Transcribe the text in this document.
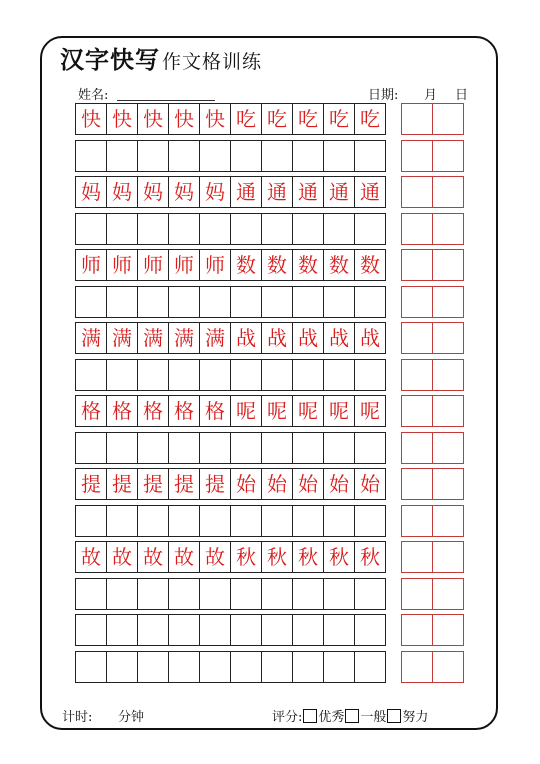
汉字快写 作文格训练
姓名:	日期: 月 日
快 快 快 快 快 吃 吃 吃 吃 吃
妈 妈 妈 妈 妈 通 通 通 通 通
师 师 师 师 师 数 数 数 数 数
满 满 满 满 满 战 战 战 战 战
格 格 格 格 格 呢 呢 呢 呢 呢
提 提 提 提 提 始 始 始 始 始
故 故 故 故 故 秋 秋 秋 秋 秋
计时: 分钟	评分: 优秀 一般 努力
